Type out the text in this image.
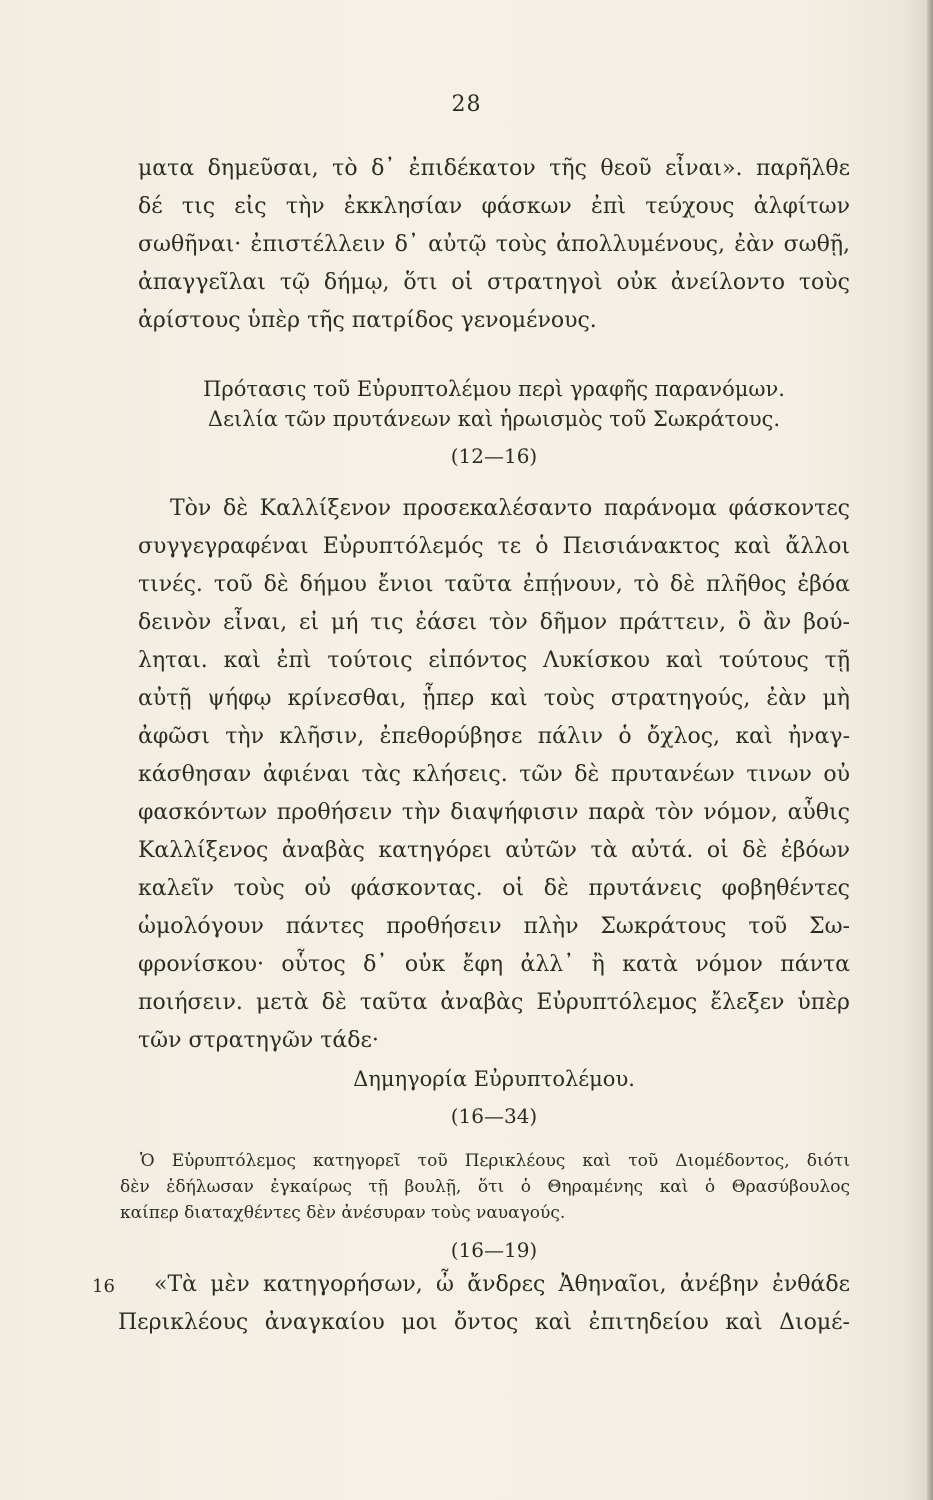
28
ματα δημεῦσαι, τὸ δ᾽ ἐπιδέκατον τῆς θεοῦ εἶναι». παρῆλθε
δέ τις εἰς τὴν ἐκκλησίαν φάσκων ἐπὶ τεύχους ἀλφίτων
σωθῆναι· ἐπιστέλλειν δ᾽ αὐτῷ τοὺς ἀπολλυμένους, ἐὰν σωθῇ,
ἀπαγγεῖλαι τῷ δήμῳ, ὅτι οἱ στρατηγοὶ οὐκ ἀνείλοντο τοὺς
ἀρίστους ὑπὲρ τῆς πατρίδος γενομένους.
Πρότασις τοῦ Εὐρυπτολέμου περὶ γραφῆς παρανόμων.
Δειλία τῶν πρυτάνεων καὶ ἡρωισμὸς τοῦ Σωκράτους.
(12—16)
Τὸν δὲ Καλλίξενον προσεκαλέσαντο παράνομα φάσκοντες
συγγεγραφέναι Εὐρυπτόλεμός τε ὁ Πεισιάνακτος καὶ ἄλλοι
τινές. τοῦ δὲ δήμου ἔνιοι ταῦτα ἐπῄνουν, τὸ δὲ πλῆθος ἐβόα
δεινὸν εἶναι, εἰ μή τις ἐάσει τὸν δῆμον πράττειν, ὃ ἂν βού-
ληται. καὶ ἐπὶ τούτοις εἰπόντος Λυκίσκου καὶ τούτους τῇ
αὐτῇ ψήφῳ κρίνεσθαι, ᾗπερ καὶ τοὺς στρατηγούς, ἐὰν μὴ
ἀφῶσι τὴν κλῆσιν, ἐπεθορύβησε πάλιν ὁ ὄχλος, καὶ ἠναγ-
κάσθησαν ἀφιέναι τὰς κλήσεις. τῶν δὲ πρυτανέων τινων οὐ
φασκόντων προθήσειν τὴν διαψήφισιν παρὰ τὸν νόμον, αὖθις
Καλλίξενος ἀναβὰς κατηγόρει αὐτῶν τὰ αὐτά. οἱ δὲ ἐβόων
καλεῖν τοὺς οὐ φάσκοντας. οἱ δὲ πρυτάνεις φοβηθέντες
ὡμολόγουν πάντες προθήσειν πλὴν Σωκράτους τοῦ Σω-
φρονίσκου· οὗτος δ᾽ οὐκ ἔφη ἀλλ᾽ ἢ κατὰ νόμον πάντα
ποιήσειν. μετὰ δὲ ταῦτα ἀναβὰς Εὐρυπτόλεμος ἔλεξεν ὑπὲρ
τῶν στρατηγῶν τάδε·
Δημηγορία Εὐρυπτολέμου.
(16—34)
Ὁ Εὐρυπτόλεμος κατηγορεῖ τοῦ Περικλέους καὶ τοῦ Διομέδοντος, διότι
δὲν ἐδήλωσαν ἐγκαίρως τῇ βουλῇ, ὅτι ὁ Θηραμένης καὶ ὁ Θρασύβουλος
καίπερ διαταχθέντες δὲν ἀνέσυραν τοὺς ναυαγούς.
(16—19)
16	«Τὰ μὲν κατηγορήσων, ὦ ἄνδρες Ἀθηναῖοι, ἀνέβην ἐνθάδε
Περικλέους ἀναγκαίου μοι ὄντος καὶ ἐπιτηδείου καὶ Διομέ-
